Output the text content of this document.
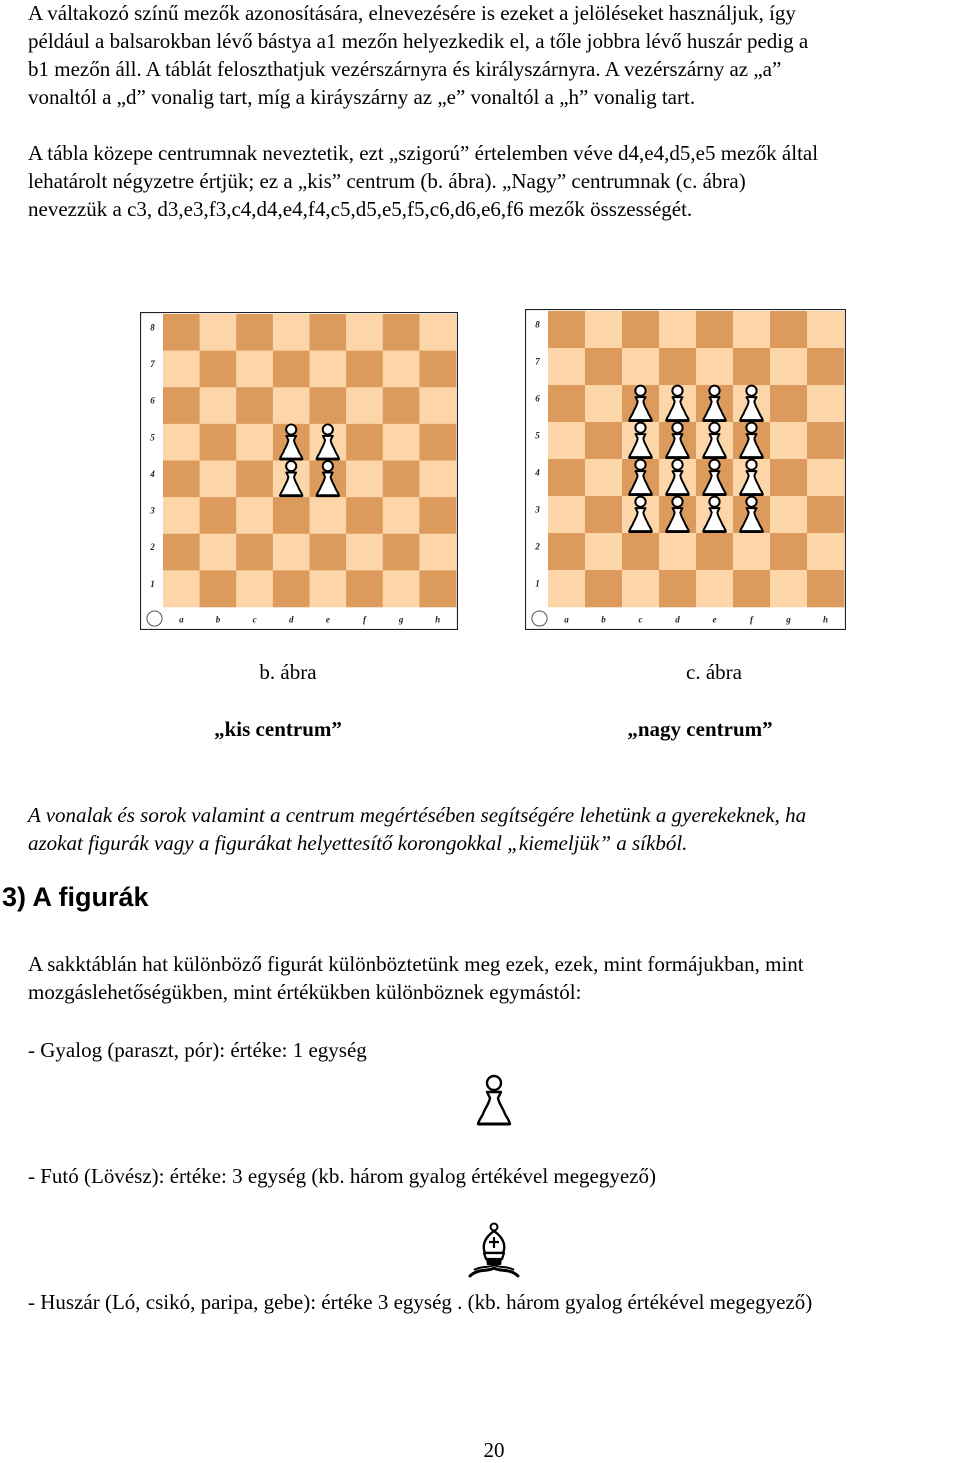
A váltakozó színű mezők azonosítására, elnevezésére is ezeket a jelöléseket használjuk, így
például a balsarokban lévő bástya a1 mezőn helyezkedik el, a tőle jobbra lévő huszár pedig a
b1 mezőn áll. A táblát feloszthatjuk vezérszárnyra és királyszárnyra. A vezérszárny az „a”
vonaltól a „d” vonalig tart, míg a kiráyszárny az „e” vonaltól a „h” vonalig tart.
A tábla közepe centrumnak neveztetik, ezt „szigorú” értelemben véve d4,e4,d5,e5 mezők által
lehatárolt négyzetre értjük; ez a „kis” centrum (b. ábra). „Nagy” centrumnak (c. ábra)
nevezzük a c3, d3,e3,f3,c4,d4,e4,f4,c5,d5,e5,f5,c6,d6,e6,f6 mezők összességét.
8
7
6
5
4
3
2
1
a	b	c	d	e	f	g	h
8
7
6
5
4
3
2
1
a	b	c	d	e	f	g	h
b. ábra
„kis centrum”
c. ábra
„nagy centrum”
A vonalak és sorok valamint a centrum megértésében segítségére lehetünk a gyerekeknek, ha
azokat figurák vagy a figurákat helyettesítő korongokkal „kiemeljük” a síkból.
3) A figurák
A sakktáblán hat különböző figurát különböztetünk meg ezek, ezek, mint formájukban, mint
mozgáslehetőségükben, mint értékükben különböznek egymástól:
- Gyalog (paraszt, pór): értéke: 1 egység
- Futó (Lövész): értéke: 3 egység (kb. három gyalog értékével megegyező)
- Huszár (Ló, csikó, paripa, gebe): értéke 3 egység . (kb. három gyalog értékével megegyező)
20
